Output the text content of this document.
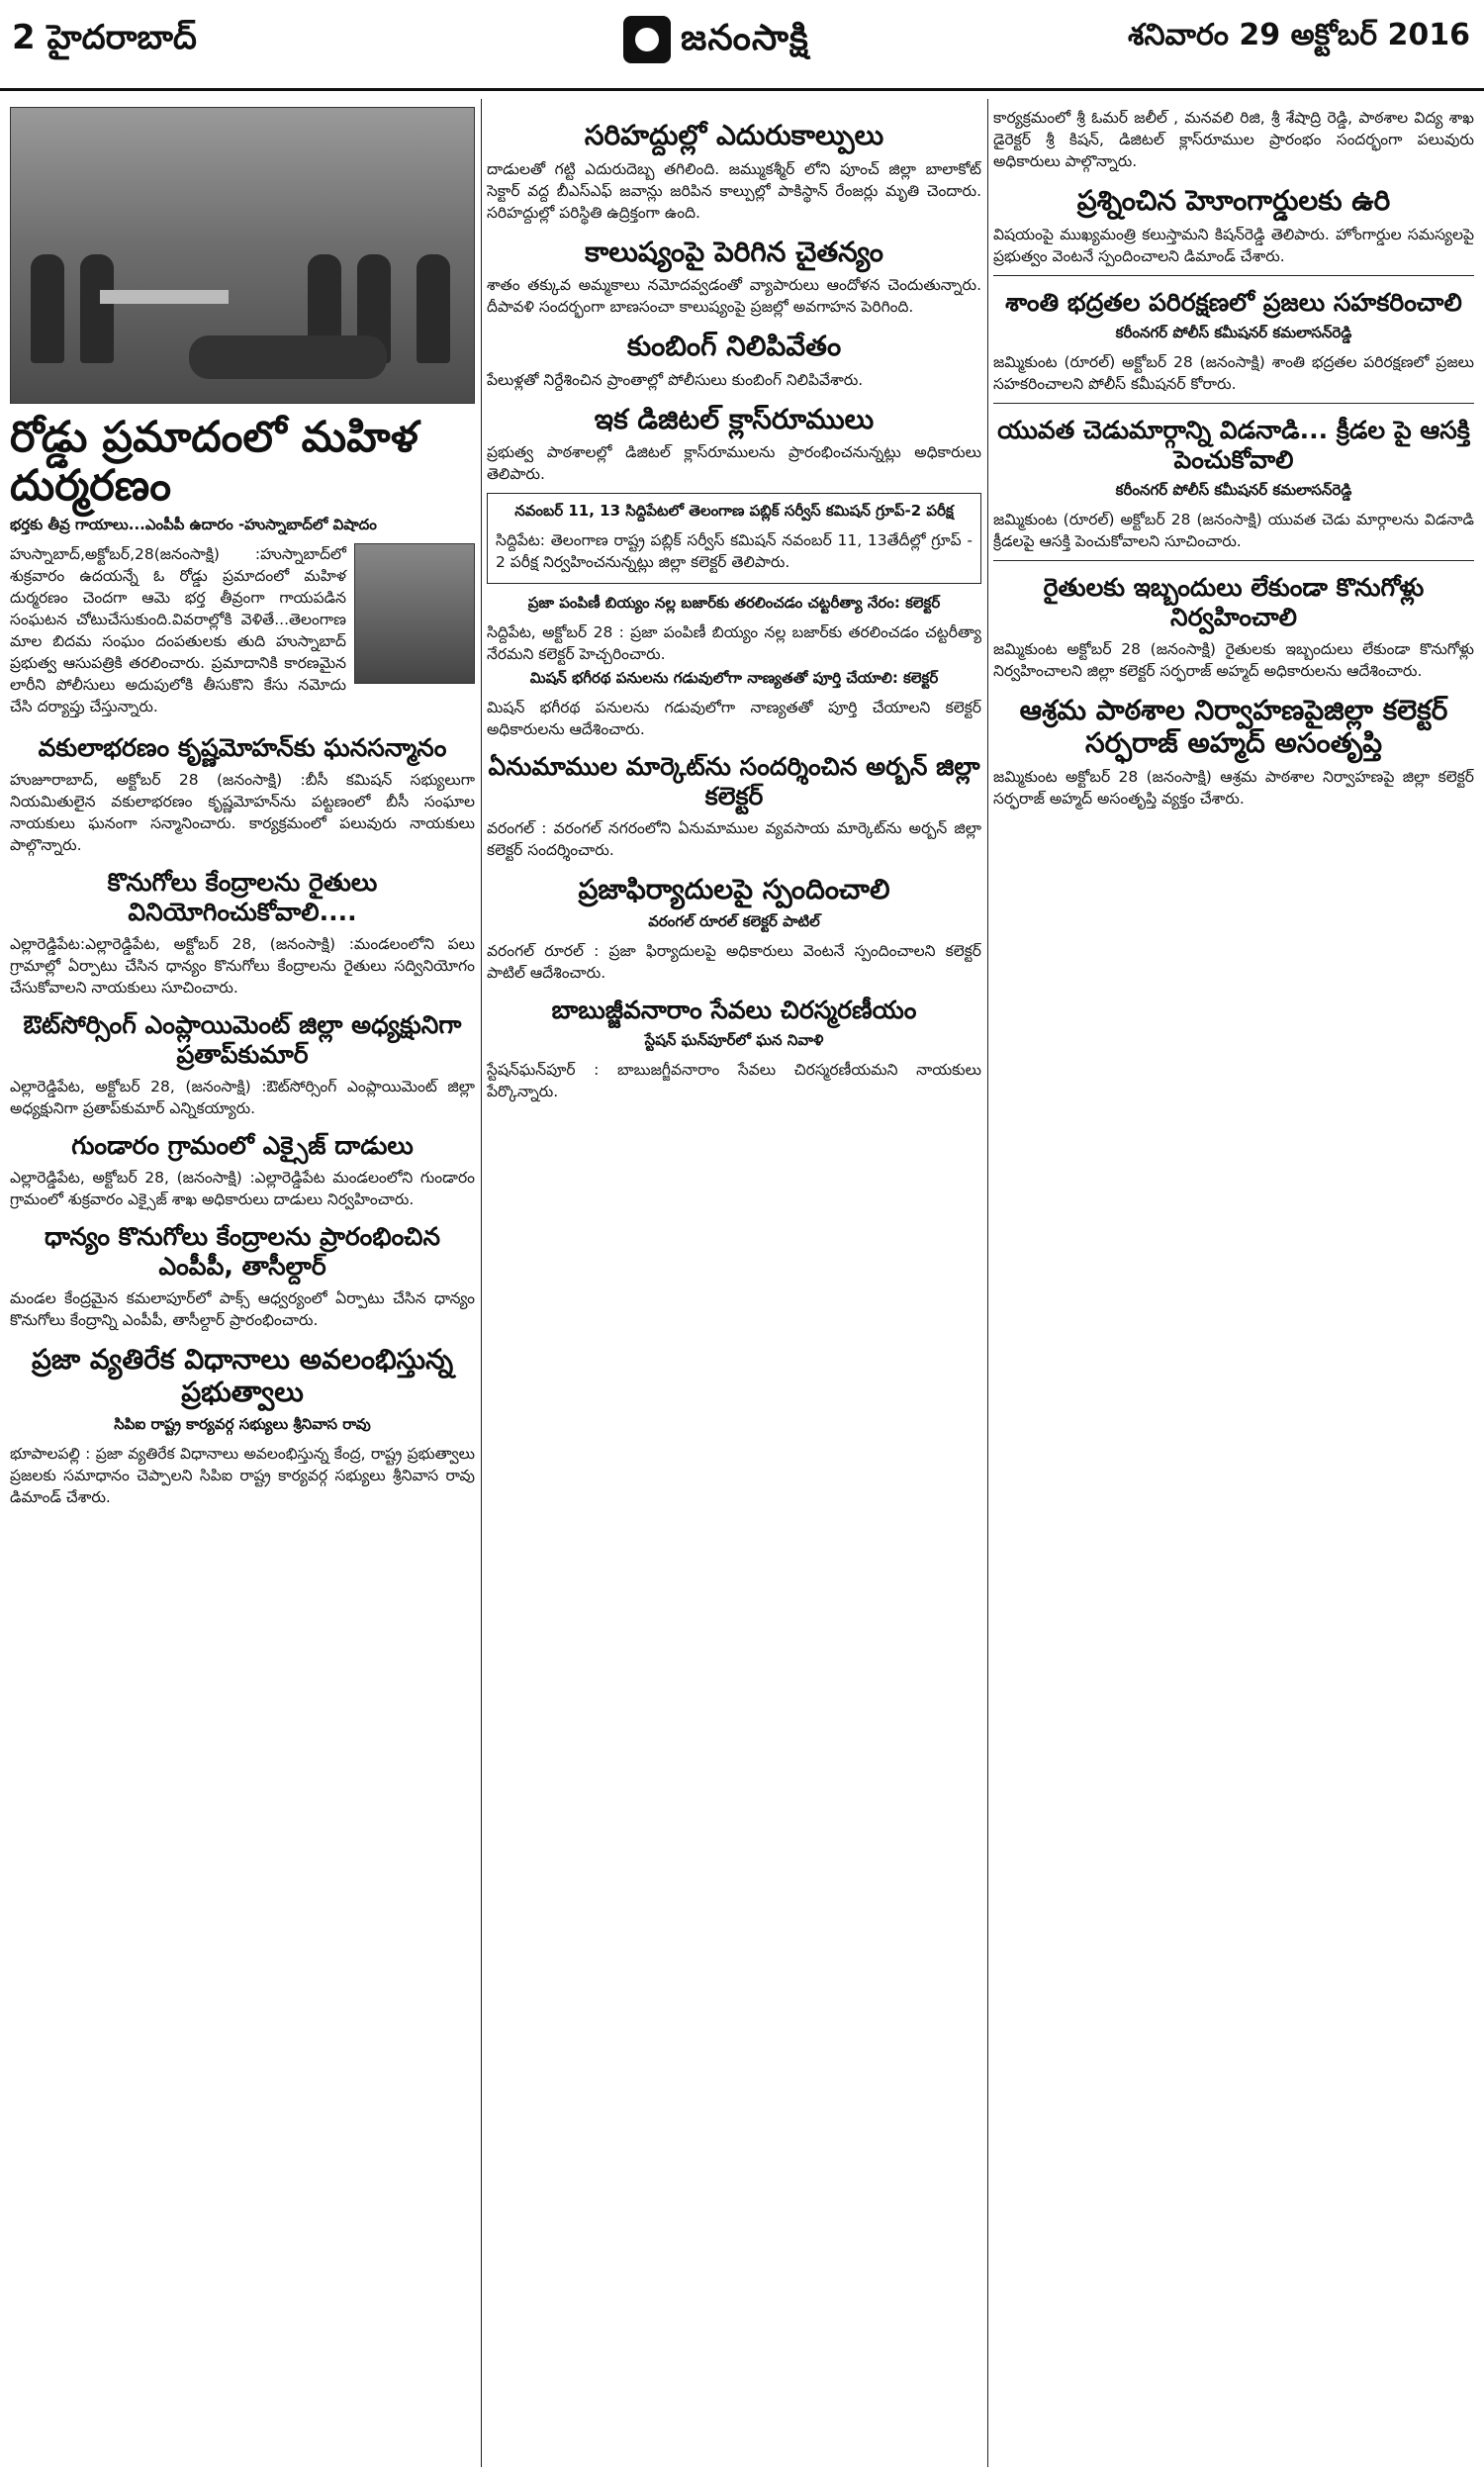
2 హైదరాబాద్	జనంసాక్షి	శనివారం 29 అక్టోబర్ 2016
రోడ్డు ప్రమాదంలో మహిళ దుర్మరణం
భర్తకు తీవ్ర గాయాలు...ఎంపీపీ ఉదారం -హుస్నాబాద్‌లో విషాదం

హుస్నాబాద్,అక్టోబర్,28(జనంసాక్షి) :హుస్నాబాద్‌లో శుక్రవారం ఉదయన్నే ఓ రోడ్డు ప్రమాదంలో మహిళ దుర్మరణం చెందగా ఆమె భర్త తీవ్రంగా గాయపడిన సంఘటన చోటుచేసుకుంది.వివరాల్లోకి వెళితే...తెలంగాణ మాల బిదమ సంఘం దంపతులకు తుది హుస్నాబాద్ ప్రభుత్వ ఆసుపత్రికి తరలించారు. ప్రమాదానికి కారణమైన లారీని పోలీసులు అదుపులోకి తీసుకొని కేసు నమోదు చేసి దర్యాప్తు చేస్తున్నారు.

వకులాభరణం కృష్ణమోహన్‌కు ఘనసన్మానం

హుజూరాబాద్, అక్టోబర్ 28 (జనంసాక్షి) :బీసీ కమిషన్ సభ్యులుగా నియమితులైన వకులాభరణం కృష్ణమోహన్‌ను పట్టణంలో బీసీ సంఘాల నాయకులు ఘనంగా సన్మానించారు. కార్యక్రమంలో పలువురు నాయకులు పాల్గొన్నారు.

కొనుగోలు కేంద్రాలను రైతులు వినియోగించుకోవాలి....

ఎల్లారెడ్డిపేట:ఎల్లారెడ్డిపేట, అక్టోబర్ 28, (జనంసాక్షి) :మండలంలోని పలు గ్రామాల్లో ఏర్పాటు చేసిన ధాన్యం కొనుగోలు కేంద్రాలను రైతులు సద్వినియోగం చేసుకోవాలని నాయకులు సూచించారు.

ఔట్‌సోర్సింగ్ ఎంప్లాయిమెంట్ జిల్లా అధ్యక్షునిగా ప్రతాప్‌కుమార్

ఎల్లారెడ్డిపేట, అక్టోబర్ 28, (జనంసాక్షి) :ఔట్‌సోర్సింగ్ ఎంప్లాయిమెంట్ జిల్లా అధ్యక్షునిగా ప్రతాప్‌కుమార్ ఎన్నికయ్యారు.

గుండారం గ్రామంలో ఎక్సైజ్ దాడులు

ఎల్లారెడ్డిపేట, అక్టోబర్ 28, (జనంసాక్షి) :ఎల్లారెడ్డిపేట మండలంలోని గుండారం గ్రామంలో శుక్రవారం ఎక్సైజ్ శాఖ అధికారులు దాడులు నిర్వహించారు.

ధాన్యం కొనుగోలు కేంద్రాలను ప్రారంభించిన ఎంపీపీ, తాసీల్దార్

మండల కేంద్రమైన కమలాపూర్‌లో పాక్స్ ఆధ్వర్యంలో ఏర్పాటు చేసిన ధాన్యం కొనుగోలు కేంద్రాన్ని ఎంపీపీ, తాసీల్దార్ ప్రారంభించారు.

ప్రజా వ్యతిరేక విధానాలు అవలంభిస్తున్న ప్రభుత్వాలు
సిపిఐ రాష్ట్ర కార్యవర్గ సభ్యులు శ్రీనివాస రావు

భూపాలపల్లి : ప్రజా వ్యతిరేక విధానాలు అవలంభిస్తున్న కేంద్ర, రాష్ట్ర ప్రభుత్వాలు ప్రజలకు సమాధానం చెప్పాలని సిపిఐ రాష్ట్ర కార్యవర్గ సభ్యులు శ్రీనివాస రావు డిమాండ్ చేశారు.

సరిహద్దుల్లో ఎదురుకాల్పులు

దాడులతో గట్టి ఎదురుదెబ్బ తగిలింది. జమ్ముకశ్మీర్ లోని పూంచ్ జిల్లా బాలాకోట్ సెక్టార్ వద్ద బీఎస్‌ఎఫ్ జవాన్లు జరిపిన కాల్పుల్లో పాకిస్థాన్ రేంజర్లు మృతి చెందారు. సరిహద్దుల్లో పరిస్థితి ఉద్రిక్తంగా ఉంది.

కాలుష్యంపై పెరిగిన చైతన్యం

శాతం తక్కువ అమ్మకాలు నమోదవ్వడంతో వ్యాపారులు ఆందోళన చెందుతున్నారు. దీపావళి సందర్భంగా బాణసంచా కాలుష్యంపై ప్రజల్లో అవగాహన పెరిగింది.

కుంబింగ్ నిలిపివేతం

పేలుళ్లతో నిర్దేశించిన ప్రాంతాల్లో పోలీసులు కుంబింగ్ నిలిపివేశారు.

ఇక డిజిటల్ క్లాస్‌రూములు

ప్రభుత్వ పాఠశాలల్లో డిజిటల్ క్లాస్‌రూములను ప్రారంభించనున్నట్లు అధికారులు తెలిపారు.

నవంబర్ 11, 13 సిద్దిపేటలో తెలంగాణ పబ్లిక్ సర్వీస్ కమిషన్ గ్రూప్-2 పరీక్ష

సిద్దిపేట: తెలంగాణ రాష్ట్ర పబ్లిక్ సర్వీస్ కమిషన్ నవంబర్ 11, 13తేదీల్లో గ్రూప్ - 2 పరీక్ష నిర్వహించనున్నట్లు జిల్లా కలెక్టర్ తెలిపారు.

ప్రజా పంపిణీ బియ్యం నల్ల బజార్‌కు తరలించడం చట్టరీత్యా నేరం: కలెక్టర్

సిద్దిపేట, అక్టోబర్ 28 : ప్రజా పంపిణీ బియ్యం నల్ల బజార్‌కు తరలించడం చట్టరీత్యా నేరమని కలెక్టర్ హెచ్చరించారు.

మిషన్ భగీరథ పనులను గడువులోగా నాణ్యతతో పూర్తి చేయాలి: కలెక్టర్

మిషన్ భగీరథ పనులను గడువులోగా నాణ్యతతో పూర్తి చేయాలని కలెక్టర్ అధికారులను ఆదేశించారు.

ఏనుమాముల మార్కెట్‌ను సందర్శించిన అర్బన్ జిల్లా కలెక్టర్

వరంగల్ : వరంగల్ నగరంలోని ఏనుమాముల వ్యవసాయ మార్కెట్‌ను అర్బన్ జిల్లా కలెక్టర్ సందర్శించారు.

ప్రజాఫిర్యాదులపై స్పందించాలి
వరంగల్ రూరల్ కలెక్టర్ పాటిల్

వరంగల్ రూరల్ : ప్రజా ఫిర్యాదులపై అధికారులు వెంటనే స్పందించాలని కలెక్టర్ పాటిల్ ఆదేశించారు.

బాబుజ్జీవనారాం సేవలు చిరస్మరణీయం
స్టేషన్ ఘన్‌పూర్‌లో ఘన నివాళి

స్టేషన్‌ఘన్‌పూర్ : బాబుజగ్జీవనారాం సేవలు చిరస్మరణీయమని నాయకులు పేర్కొన్నారు.

కార్యక్రమంలో శ్రీ ఓమర్ జలీల్ , మనవలి రిజి, శ్రీ శేషాద్రి రెడ్డి, పాఠశాల విద్య శాఖ డైరెక్టర్ శ్రీ కిషన్, డిజిటల్ క్లాస్‌రూముల ప్రారంభం సందర్భంగా పలువురు అధికారులు పాల్గొన్నారు.

ప్రశ్నించిన హెూంగార్డులకు ఉరి

విషయంపై ముఖ్యమంత్రి కలుస్తామని కిషన్‌రెడ్డి తెలిపారు. హోంగార్డుల సమస్యలపై ప్రభుత్వం వెంటనే స్పందించాలని డిమాండ్ చేశారు.

శాంతి భద్రతల పరిరక్షణలో ప్రజలు సహకరించాలి
కరీంనగర్ పోలీస్ కమీషనర్ కమలాసన్‌రెడ్డి

జమ్మికుంట (రూరల్) అక్టోబర్ 28 (జనంసాక్షి) శాంతి భద్రతల పరిరక్షణలో ప్రజలు సహకరించాలని పోలీస్ కమీషనర్ కోరారు.

యువత చెడుమార్గాన్ని విడనాడి... క్రీడల పై ఆసక్తి పెంచుకోవాలి
కరీంనగర్ పోలీస్ కమీషనర్ కమలాసన్‌రెడ్డి

జమ్మికుంట (రూరల్) అక్టోబర్ 28 (జనంసాక్షి) యువత చెడు మార్గాలను విడనాడి క్రీడలపై ఆసక్తి పెంచుకోవాలని సూచించారు.

రైతులకు ఇబ్బందులు లేకుండా కొనుగోళ్లు నిర్వహించాలి

జమ్మికుంట అక్టోబర్ 28 (జనంసాక్షి) రైతులకు ఇబ్బందులు లేకుండా కొనుగోళ్లు నిర్వహించాలని జిల్లా కలెక్టర్ సర్ఫరాజ్ అహ్మద్ అధికారులను ఆదేశించారు.

ఆశ్రమ పాఠశాల నిర్వాహణపైజిల్లా కలెక్టర్ సర్ఫరాజ్ అహ్మద్ అసంతృప్తి

జమ్మికుంట అక్టోబర్ 28 (జనంసాక్షి) ఆశ్రమ పాఠశాల నిర్వాహణపై జిల్లా కలెక్టర్ సర్ఫరాజ్ అహ్మద్ అసంతృప్తి వ్యక్తం చేశారు.
